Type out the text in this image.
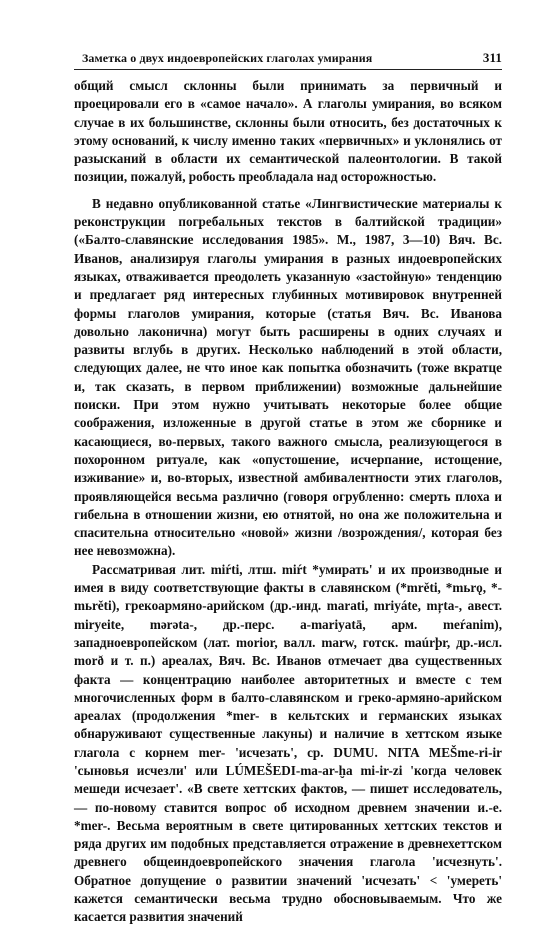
Заметка о двух индоевропейских глаголах умирания	311

общий смысл склонны были принимать за первичный и проецировали его в «самое начало». А глаголы умирания, во всяком случае в их большинстве, склонны были относить, без достаточных к этому оснований, к числу именно таких «первичных» и уклонялись от разысканий в области их семантической палеонтологии. В такой позиции, пожалуй, робость преобладала над осторожностью.

В недавно опубликованной статье «Лингвистические материалы к реконструкции погребальных текстов в балтийской традиции» («Балто-славянские исследования 1985». М., 1987, 3—10) Вяч. Вс. Иванов, анализируя глаголы умирания в разных индоевропейских языках, отваживается преодолеть указанную «застойную» тенденцию и предлагает ряд интересных глубинных мотивировок внутренней формы глаголов умирания, которые (статья Вяч. Вс. Иванова довольно лаконична) могут быть расширены в одних случаях и развиты вглубь в других. Несколько наблюдений в этой области, следующих далее, не что иное как попытка обозначить (тоже вкратце и, так сказать, в первом приближении) возможные дальнейшие поиски. При этом нужно учитывать некоторые более общие соображения, изложенные в другой статье в этом же сборнике и касающиеся, во-первых, такого важного смысла, реализующегося в похоронном ритуале, как «опустошение, исчерпание, истощение, изживание» и, во-вторых, известной амбивалентности этих глаголов, проявляющейся весьма различно (говоря огрубленно: смерть плоха и гибельна в отношении жизни, ею отнятой, но она же положительна и спасительна относительно «новой» жизни /возрождения/, которая без нее невозможна).

Рассматривая лит. miŕti, лтш. miŕt *умирать' и их производные и имея в виду соответствующие факты в славянском (*mrěti, *mьrǫ, *-mьrěti), грекоармяно-арийском (др.-инд. marati, mriyáte, mŗta-, авест. miryeite, mərəta-, др.-перс. a-mariyatā, арм. meŕanim), западноевропейском (лат. morior, валл. marw, готск. maúrþr, др.-исл. morð и т. п.) ареалах, Вяч. Вс. Иванов отмечает два существенных факта — концентрацию наиболее авторитетных и вместе с тем многочисленных форм в балто-славянском и греко-армяно-арийском ареалах (продолжения *mer- в кельтских и германских языках обнаруживают существенные лакуны) и наличие в хеттском языке глагола с корнем mer- 'исчезать', ср. DUMU. NITA MEŠme-ri-ir 'сыновья исчезли' или LÚMEŠEDI-ma-ar-ḫa mi-ir-zi 'когда человек мешеди исчезает'. «В свете хеттских фактов, — пишет исследователь, — по-новому ставится вопрос об исходном древнем значении и.-е. *mer-. Весьма вероятным в свете цитированных хеттских текстов и ряда других им подобных представляется отражение в древнехеттском древнего общеиндоевропейского значения глагола 'исчезнуть'. Обратное допущение о развитии значений 'исчезать' < 'умереть' кажется семантически весьма трудно обосновываемым. Что же касается развития значений
